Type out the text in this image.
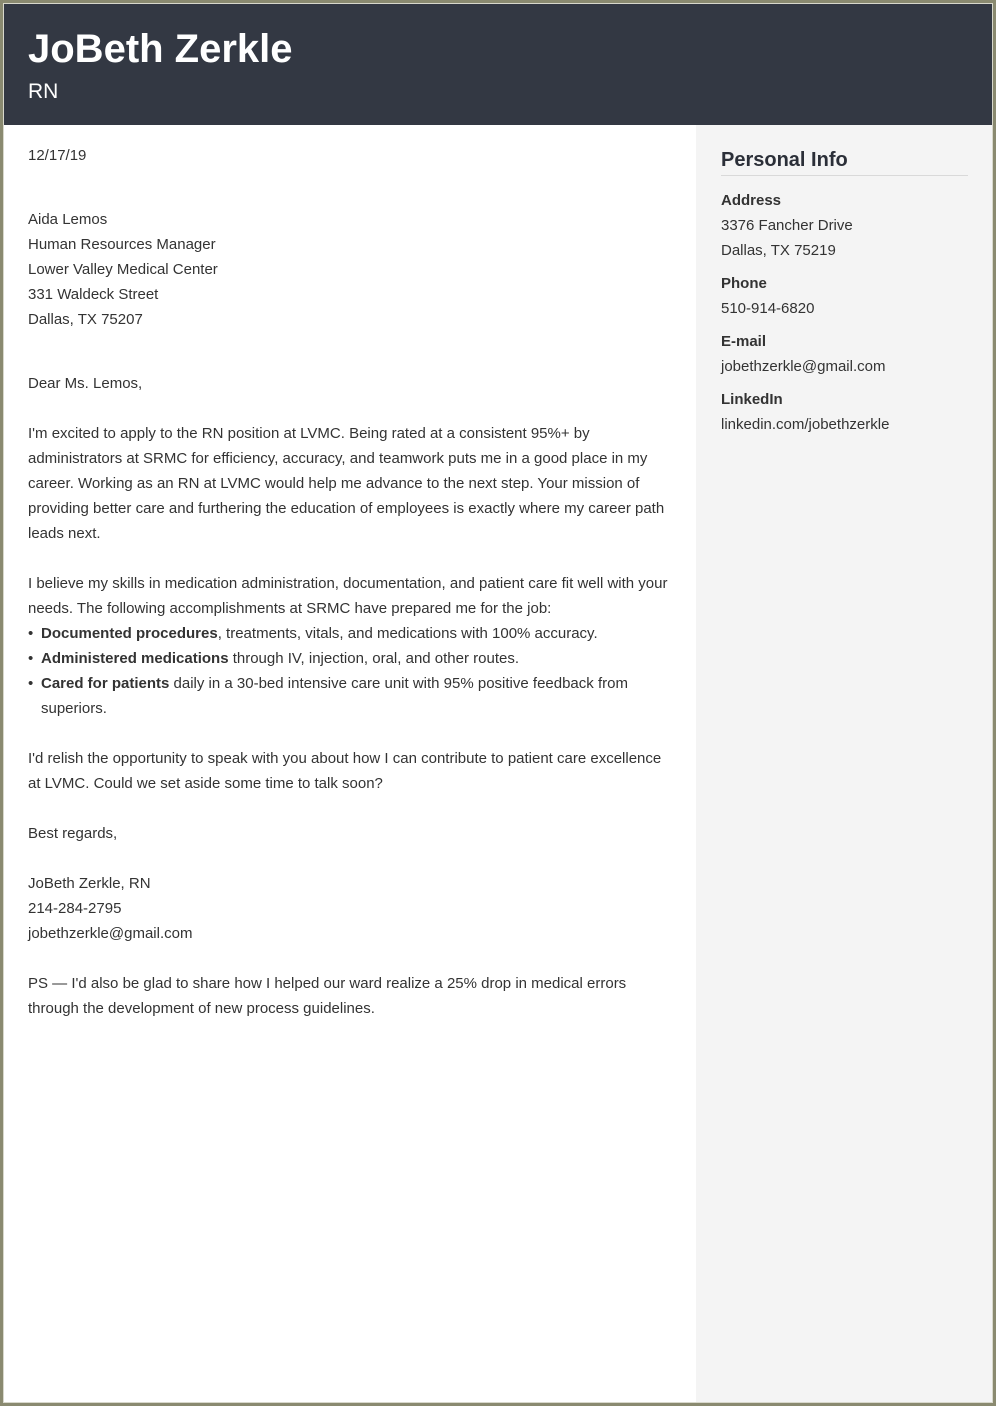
JoBeth Zerkle
RN

12/17/19

Aida Lemos

Human Resources Manager

Lower Valley Medical Center

331 Waldeck Street

Dallas, TX 75207

Dear Ms. Lemos,

I'm excited to apply to the RN position at LVMC. Being rated at a consistent 95%+ by administrators at SRMC for efficiency, accuracy, and teamwork puts me in a good place in my career. Working as an RN at LVMC would help me advance to the next step. Your mission of providing better care and furthering the education of employees is exactly where my career path leads next.

I believe my skills in medication administration, documentation, and patient care fit well with your needs. The following accomplishments at SRMC have prepared me for the job:

• Documented procedures, treatments, vitals, and medications with 100% accuracy.
• Administered medications through IV, injection, oral, and other routes.
• Cared for patients daily in a 30-bed intensive care unit with 95% positive feedback from superiors.

I'd relish the opportunity to speak with you about how I can contribute to patient care excellence at LVMC. Could we set aside some time to talk soon?

Best regards,

JoBeth Zerkle, RN

214-284-2795

jobethzerkle@gmail.com

PS — I'd also be glad to share how I helped our ward realize a 25% drop in medical errors through the development of new process guidelines.

Personal Info
Address
3376 Fancher Drive
Dallas, TX 75219
Phone
510-914-6820
E-mail
jobethzerkle@gmail.com
LinkedIn
linkedin.com/jobethzerkle
